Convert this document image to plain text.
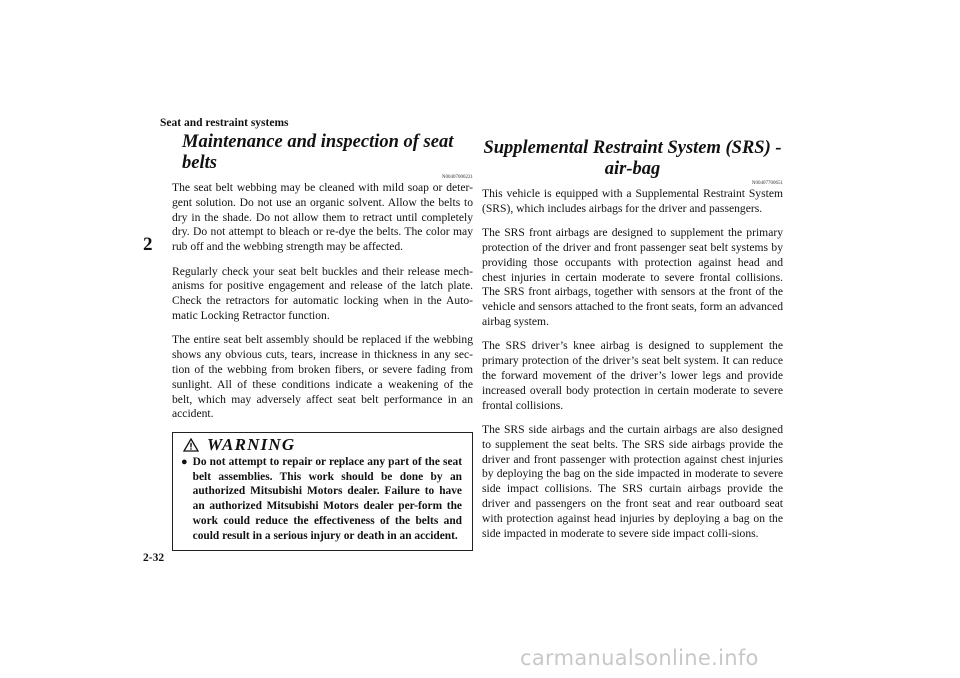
Seat and restraint systems
2
Maintenance and inspection of seat belts
N00407000221

The seat belt webbing may be cleaned with mild soap or deter-gent solution. Do not use an organic solvent. Allow the belts to dry in the shade. Do not allow them to retract until completely dry. Do not attempt to bleach or re-dye the belts. The color may rub off and the webbing strength may be affected.

Regularly check your seat belt buckles and their release mech-anisms for positive engagement and release of the latch plate. Check the retractors for automatic locking when in the Auto-matic Locking Retractor function.

The entire seat belt assembly should be replaced if the webbing shows any obvious cuts, tears, increase in thickness in any sec-tion of the webbing from broken fibers, or severe fading from sunlight. All of these conditions indicate a weakening of the belt, which may adversely affect seat belt performance in an accident.

WARNING
● Do not attempt to repair or replace any part of the seat belt assemblies. This work should be done by an authorized Mitsubishi Motors dealer. Failure to have an authorized Mitsubishi Motors dealer per-form the work could reduce the effectiveness of the belts and could result in a serious injury or death in an accident.
Supplemental Restraint System (SRS) - air-bag
N00407700651

This vehicle is equipped with a Supplemental Restraint System (SRS), which includes airbags for the driver and passengers.

The SRS front airbags are designed to supplement the primary protection of the driver and front passenger seat belt systems by providing those occupants with protection against head and chest injuries in certain moderate to severe frontal collisions. The SRS front airbags, together with sensors at the front of the vehicle and sensors attached to the front seats, form an advanced airbag system.

The SRS driver’s knee airbag is designed to supplement the primary protection of the driver’s seat belt system. It can reduce the forward movement of the driver’s lower legs and provide increased overall body protection in certain moderate to severe frontal collisions.

The SRS side airbags and the curtain airbags are also designed to supplement the seat belts. The SRS side airbags provide the driver and front passenger with protection against chest injuries by deploying the bag on the side impacted in moderate to severe side impact collisions. The SRS curtain airbags provide the driver and passengers on the front seat and rear outboard seat with protection against head injuries by deploying a bag on the side impacted in moderate to severe side impact colli-sions.

2-32
carmanualsonline.info
